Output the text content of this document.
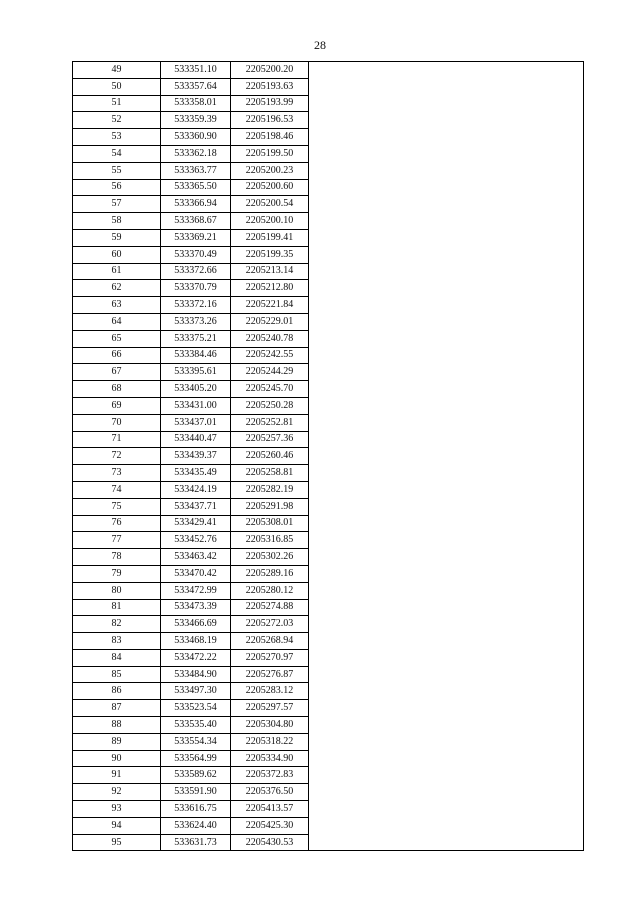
28
49	533351.10	2205200.20	
50	533357.64	2205193.63	
51	533358.01	2205193.99	
52	533359.39	2205196.53	
53	533360.90	2205198.46	
54	533362.18	2205199.50	
55	533363.77	2205200.23	
56	533365.50	2205200.60	
57	533366.94	2205200.54	
58	533368.67	2205200.10	
59	533369.21	2205199.41	
60	533370.49	2205199.35	
61	533372.66	2205213.14	
62	533370.79	2205212.80	
63	533372.16	2205221.84	
64	533373.26	2205229.01	
65	533375.21	2205240.78	
66	533384.46	2205242.55	
67	533395.61	2205244.29	
68	533405.20	2205245.70	
69	533431.00	2205250.28	
70	533437.01	2205252.81	
71	533440.47	2205257.36	
72	533439.37	2205260.46	
73	533435.49	2205258.81	
74	533424.19	2205282.19	
75	533437.71	2205291.98	
76	533429.41	2205308.01	
77	533452.76	2205316.85	
78	533463.42	2205302.26	
79	533470.42	2205289.16	
80	533472.99	2205280.12	
81	533473.39	2205274.88	
82	533466.69	2205272.03	
83	533468.19	2205268.94	
84	533472.22	2205270.97	
85	533484.90	2205276.87	
86	533497.30	2205283.12	
87	533523.54	2205297.57	
88	533535.40	2205304.80	
89	533554.34	2205318.22	
90	533564.99	2205334.90	
91	533589.62	2205372.83	
92	533591.90	2205376.50	
93	533616.75	2205413.57	
94	533624.40	2205425.30	
95	533631.73	2205430.53	
